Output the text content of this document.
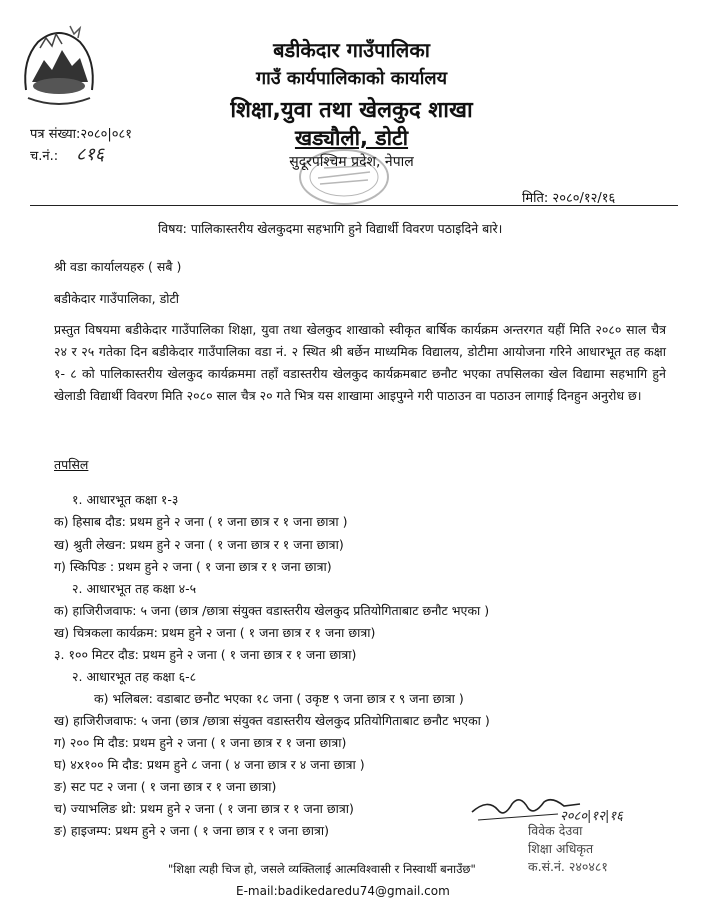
बडीकेदार गाउँपालिका
गाउँ कार्यपालिकाको कार्यालय
शिक्षा,युवा तथा खेलकुद शाखा
खड्यौली, डोटी
सुदूरपश्चिम प्रदेश, नेपाल
पत्र संख्या:२०८०|०८१
च.नं.: ८१६
मिति: २०८०/१२/१६
विषय: पालिकास्तरीय खेलकुदमा सहभागि हुने विद्यार्थी विवरण पठाइदिने बारे।
श्री वडा कार्यालयहरु ( सबै )
बडीकेदार गाउँपालिका, डोटी
प्रस्तुत विषयमा बडीकेदार गाउँपालिका शिक्षा, युवा तथा खेलकुद शाखाको स्वीकृत बार्षिक कार्यक्रम अन्तरगत यहीं मिति २०८० साल चैत्र २४ र २५ गतेका दिन बडीकेदार गाउँपालिका वडा नं. २ स्थित श्री बर्छेन माध्यमिक विद्यालय, डोटीमा आयोजना गरिने आधारभूत तह कक्षा १- ८ को पालिकास्तरीय खेलकुद कार्यक्रममा तहाँ वडास्तरीय खेलकुद कार्यक्रमबाट छनौट भएका तपसिलका खेल विद्यामा सहभागि हुने खेलाडी विद्यार्थी विवरण मिति २०८० साल चैत्र २० गते भित्र यस शाखामा आइपुग्ने गरी पाठाउन वा पठाउन लागाई दिनहुन अनुरोध छ।
तपसिल
१. आधारभूत कक्षा १-३
क) हिसाब दौड: प्रथम हुने २ जना ( १ जना छात्र र १ जना छात्रा )
ख) श्रुती लेखन: प्रथम हुने २ जना ( १ जना छात्र र १ जना छात्रा)
ग) स्किपिङ : प्रथम हुने २ जना ( १ जना छात्र र १ जना छात्रा)
२. आधारभूत तह कक्षा ४-५
क) हाजिरीजवाफ: ५ जना (छात्र /छात्रा संयुक्त वडास्तरीय खेलकुद प्रतियोगिताबाट छनौट भएका )
ख) चित्रकला कार्यक्रम: प्रथम हुने २ जना ( १ जना छात्र र १ जना छात्रा)
३. १०० मिटर दौड: प्रथम हुने २ जना ( १ जना छात्र र १ जना छात्रा)
२. आधारभूत तह कक्षा ६-८
क) भलिबल: वडाबाट छनौट भएका १८ जना ( उकृष्ट ९ जना छात्र र ९ जना छात्रा )
ख) हाजिरीजवाफ: ५ जना (छात्र /छात्रा संयुक्त वडास्तरीय खेलकुद प्रतियोगिताबाट छनौट भएका )
ग) २०० मि दौड: प्रथम हुने २ जना ( १ जना छात्र र १ जना छात्रा)
घ) ४x१०० मि दौड: प्रथम हुने ८ जना ( ४ जना छात्र र ४ जना छात्रा )
ङ) सट पट २ जना ( १ जना छात्र र १ जना छात्रा)
च) ज्याभलिङ थ्रो: प्रथम हुने २ जना ( १ जना छात्र र १ जना छात्रा)
ङ) हाइजम्प: प्रथम हुने २ जना ( १ जना छात्र र १ जना छात्रा)
२०८०|१२|१६
विवेक देउवा
शिक्षा अधिकृत
क.सं.नं. २४०४८१
"शिक्षा त्यही चिज हो, जसले व्यक्तिलाई आत्मविश्वासी र निस्वार्थी बनाउँछ"
E-mail:badikedaredu74@gmail.com
